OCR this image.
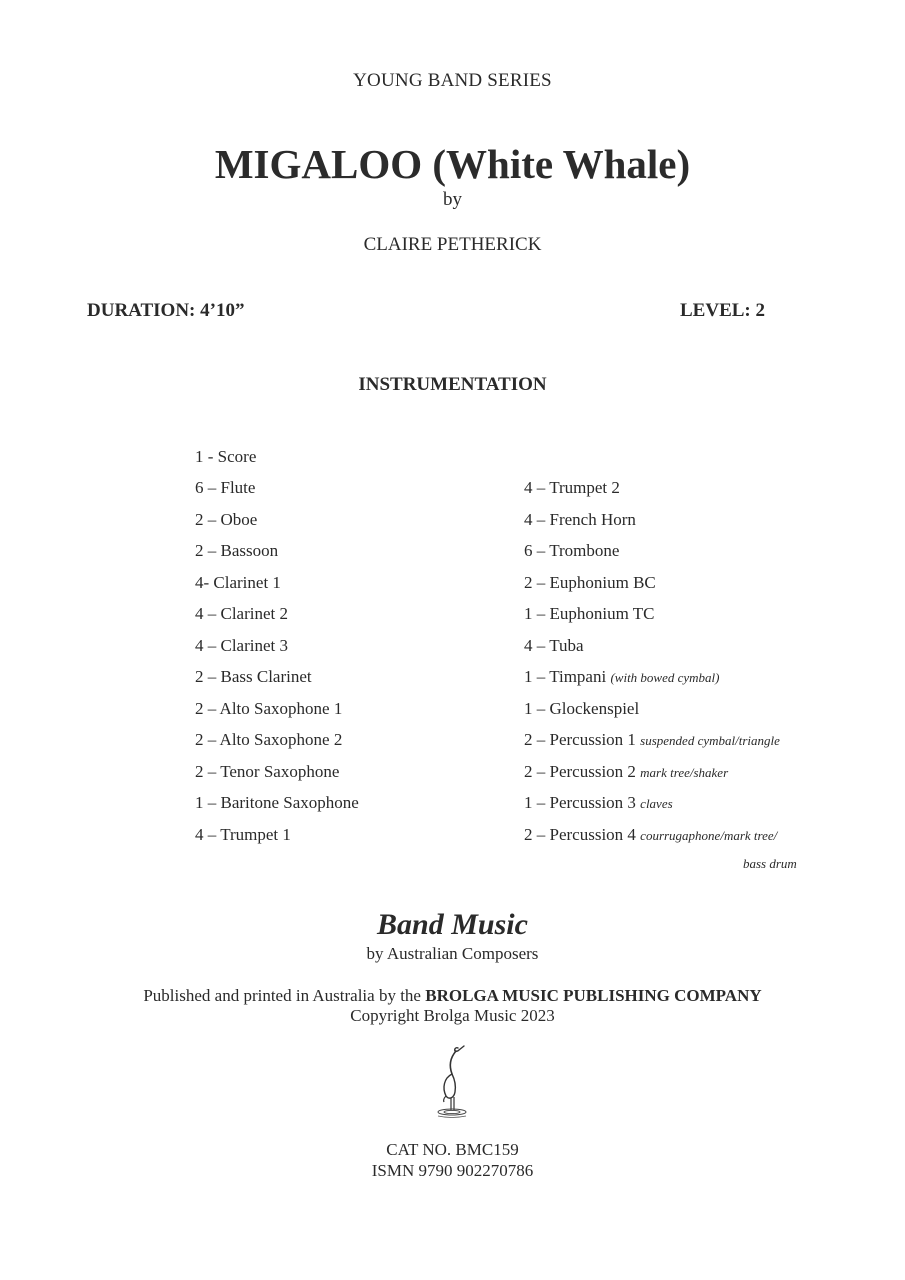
YOUNG BAND SERIES
MIGALOO (White Whale)
by
CLAIRE PETHERICK
DURATION: 4’10”	LEVEL: 2
INSTRUMENTATION
1 - Score
6 – Flute
2 – Oboe
2 – Bassoon
4- Clarinet 1
4 – Clarinet 2
4 – Clarinet 3
2 – Bass Clarinet
2 – Alto Saxophone 1
2 – Alto Saxophone 2
2 – Tenor Saxophone
1 – Baritone Saxophone
4 – Trumpet 1
4 – Trumpet 2
4 – French Horn
6 – Trombone
2 – Euphonium BC
1 – Euphonium TC
4 – Tuba
1 – Timpani (with bowed cymbal)
1 – Glockenspiel
2 – Percussion 1 suspended cymbal/triangle
2 – Percussion 2 mark tree/shaker
1 – Percussion 3 claves
2 – Percussion 4 courrugaphone/mark tree/
bass drum
Band Music
by Australian Composers
Published and printed in Australia by the BROLGA MUSIC PUBLISHING COMPANY
Copyright Brolga Music 2023
CAT NO. BMC159
ISMN 9790 902270786
